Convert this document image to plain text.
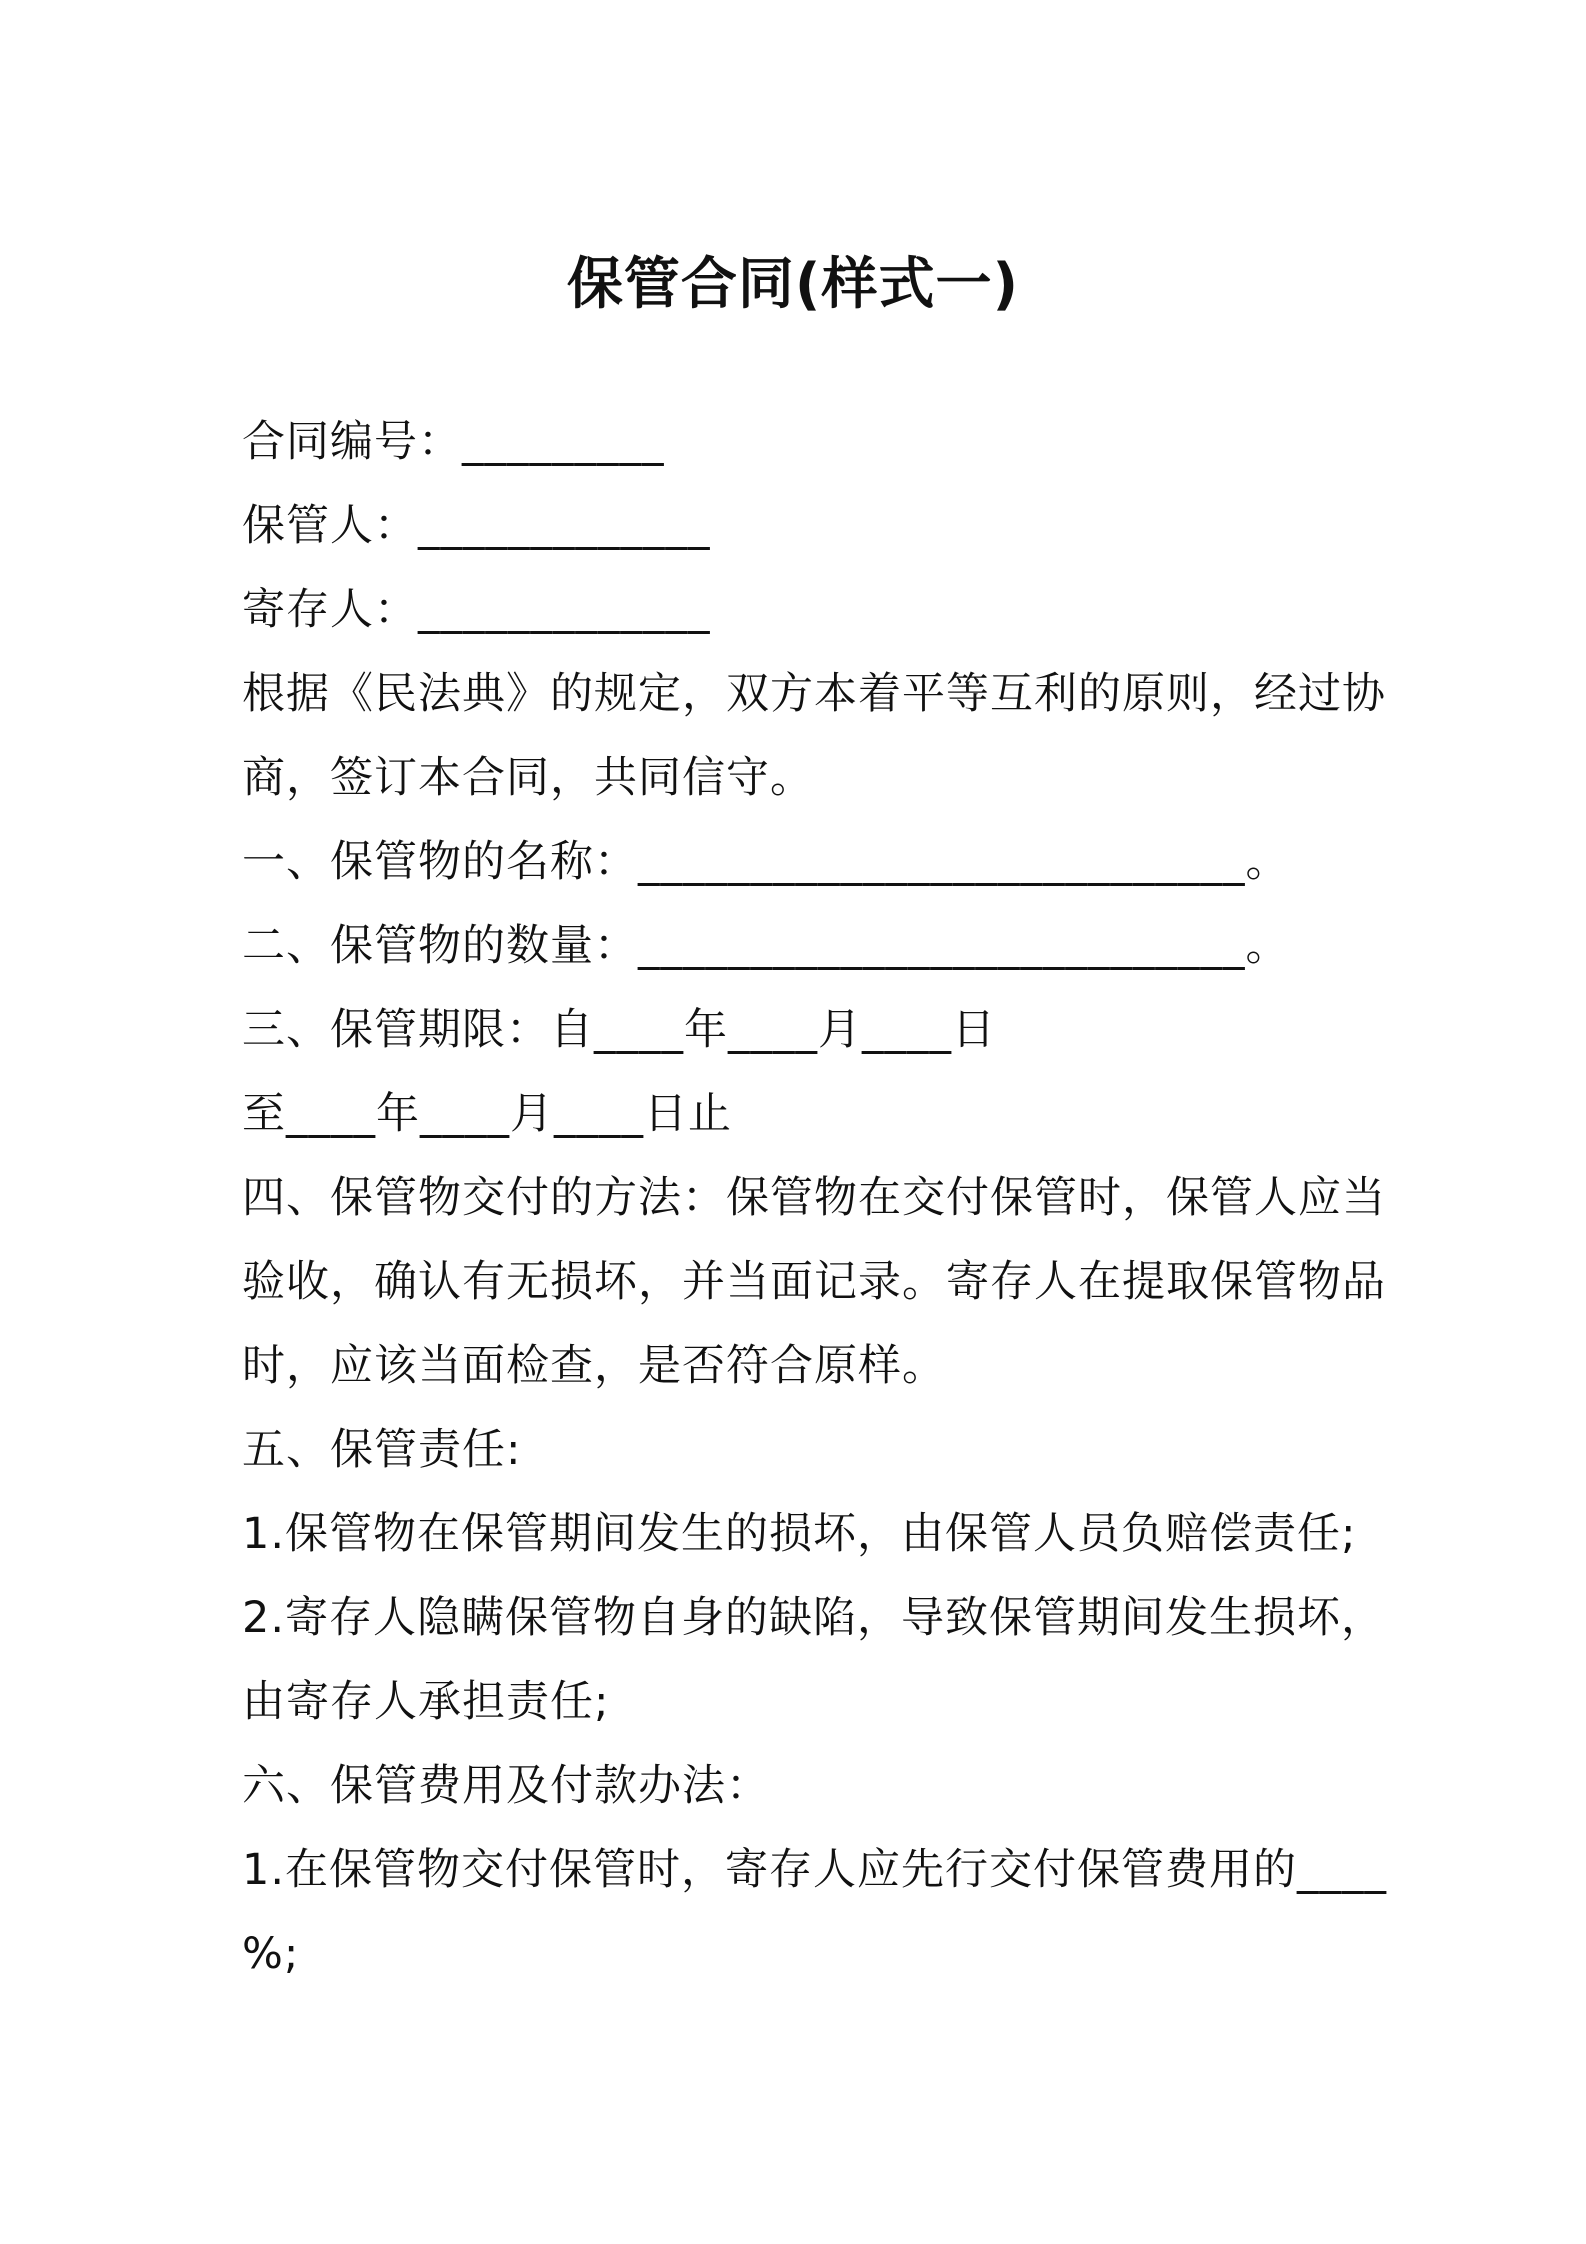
保管合同(样式一)
合同编号：_________
保管人：_____________
寄存人：_____________
根据《民法典》的规定，双方本着平等互利的原则，经过协
商，签订本合同，共同信守。
一、保管物的名称：___________________________。
二、保管物的数量：___________________________。
三、保管期限：自____年____月____日
至____年____月____日止
四、保管物交付的方法：保管物在交付保管时，保管人应当
验收，确认有无损坏，并当面记录。寄存人在提取保管物品
时，应该当面检查，是否符合原样。
五、保管责任:
1.保管物在保管期间发生的损坏，由保管人员负赔偿责任;
2.寄存人隐瞒保管物自身的缺陷，导致保管期间发生损坏，
由寄存人承担责任;
六、保管费用及付款办法：
1.在保管物交付保管时，寄存人应先行交付保管费用的____
%;
